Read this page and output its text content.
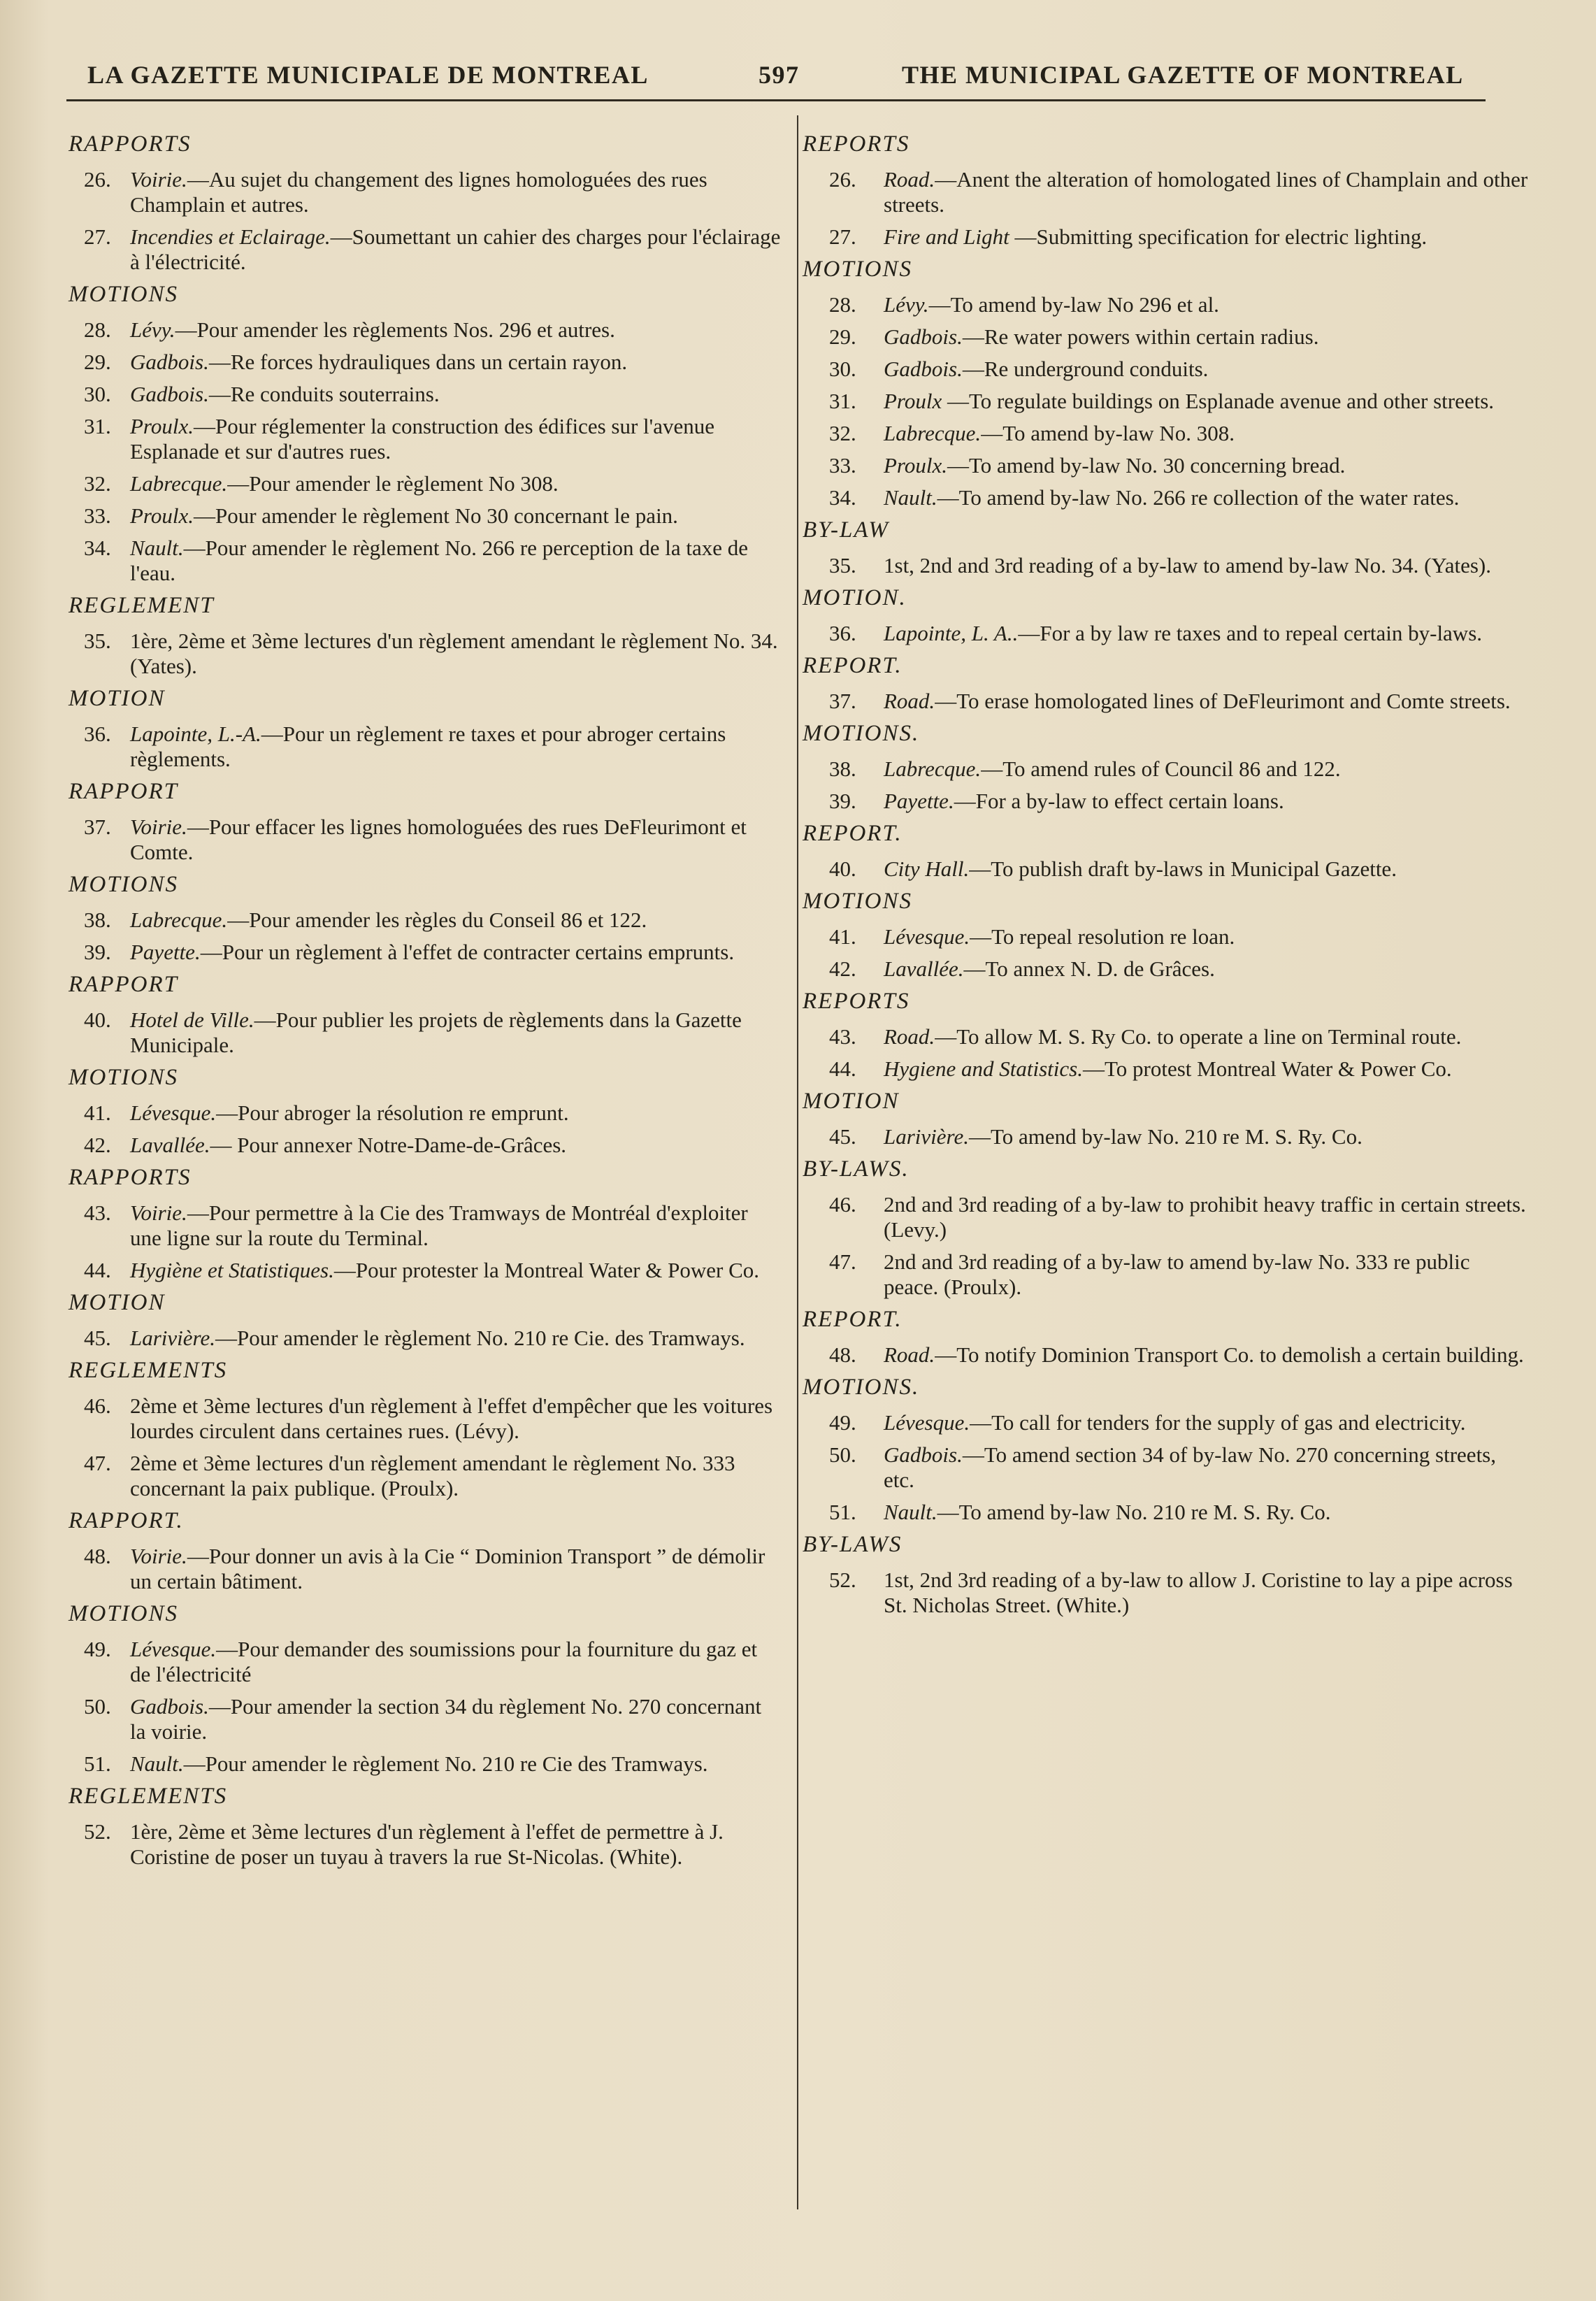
LA GAZETTE MUNICIPALE DE MONTREAL	597	THE MUNICIPAL GAZETTE OF MONTREAL
RAPPORTS
26. Voirie.—Au sujet du changement des lignes homologuées des rues Champlain et autres.
27. Incendies et Eclairage.—Soumettant un cahier des charges pour l'éclairage à l'électricité.
MOTIONS
28. Lévy.—Pour amender les règlements Nos. 296 et autres.
29. Gadbois.—Re forces hydrauliques dans un certain rayon.
30. Gadbois.—Re conduits souterrains.
31. Proulx.—Pour réglementer la construction des édifices sur l'avenue Esplanade et sur d'autres rues.
32. Labrecque.—Pour amender le règlement No 308.
33. Proulx.—Pour amender le règlement No 30 concernant le pain.
34. Nault.—Pour amender le règlement No. 266 re perception de la taxe de l'eau.
REGLEMENT
35. 1ère, 2ème et 3ème lectures d'un règlement amendant le règlement No. 34. (Yates).
MOTION
36. Lapointe, L.-A.—Pour un règlement re taxes et pour abroger certains règlements.
RAPPORT
37. Voirie.—Pour effacer les lignes homologuées des rues DeFleurimont et Comte.
MOTIONS
38. Labrecque.—Pour amender les règles du Conseil 86 et 122.
39. Payette.—Pour un règlement à l'effet de contracter certains emprunts.
RAPPORT
40. Hotel de Ville.—Pour publier les projets de règlements dans la Gazette Municipale.
MOTIONS
41. Lévesque.—Pour abroger la résolution re emprunt.
42. Lavallée.— Pour annexer Notre-Dame-de-Grâces.
RAPPORTS
43. Voirie.—Pour permettre à la Cie des Tramways de Montréal d'exploiter une ligne sur la route du Terminal.
44. Hygiène et Statistiques.—Pour protester la Montreal Water & Power Co.
MOTION
45. Larivière.—Pour amender le règlement No. 210 re Cie. des Tramways.
REGLEMENTS
46. 2ème et 3ème lectures d'un règlement à l'effet d'empêcher que les voitures lourdes circulent dans certaines rues. (Lévy).
47. 2ème et 3ème lectures d'un règlement amendant le règlement No. 333 concernant la paix publique. (Proulx).
RAPPORT.
48. Voirie.—Pour donner un avis à la Cie “ Dominion Transport ” de démolir un certain bâtiment.
MOTIONS
49. Lévesque.—Pour demander des soumissions pour la fourniture du gaz et de l'électricité
50. Gadbois.—Pour amender la section 34 du règlement No. 270 concernant la voirie.
51. Nault.—Pour amender le règlement No. 210 re Cie des Tramways.
REGLEMENTS
52. 1ère, 2ème et 3ème lectures d'un règlement à l'effet de permettre à J. Coristine de poser un tuyau à travers la rue St-Nicolas. (White).
REPORTS
26. Road.—Anent the alteration of homologated lines of Champlain and other streets.
27. Fire and Light —Submitting specification for electric lighting.
MOTIONS
28. Lévy.—To amend by-law No 296 et al.
29. Gadbois.—Re water powers within certain radius.
30. Gadbois.—Re underground conduits.
31. Proulx —To regulate buildings on Esplanade avenue and other streets.
32. Labrecque.—To amend by-law No. 308.
33. Proulx.—To amend by-law No. 30 concerning bread.
34. Nault.—To amend by-law No. 266 re collection of the water rates.
BY-LAW
35. 1st, 2nd and 3rd reading of a by-law to amend by-law No. 34. (Yates).
MOTION.
36. Lapointe, L. A..—For a by law re taxes and to repeal certain by-laws.
REPORT.
37. Road.—To erase homologated lines of DeFleurimont and Comte streets.
MOTIONS.
38. Labrecque.—To amend rules of Council 86 and 122.
39. Payette.—For a by-law to effect certain loans.
REPORT.
40. City Hall.—To publish draft by-laws in Municipal Gazette.
MOTIONS
41. Lévesque.—To repeal resolution re loan.
42. Lavallée.—To annex N. D. de Grâces.
REPORTS
43. Road.—To allow M. S. Ry Co. to operate a line on Terminal route.
44. Hygiene and Statistics.—To protest Montreal Water & Power Co.
MOTION
45. Larivière.—To amend by-law No. 210 re M. S. Ry. Co.
BY-LAWS.
46. 2nd and 3rd reading of a by-law to prohibit heavy traffic in certain streets. (Levy.)
47. 2nd and 3rd reading of a by-law to amend by-law No. 333 re public peace. (Proulx).
REPORT.
48. Road.—To notify Dominion Transport Co. to demolish a certain building.
MOTIONS.
49. Lévesque.—To call for tenders for the supply of gas and electricity.
50. Gadbois.—To amend section 34 of by-law No. 270 concerning streets, etc.
51. Nault.—To amend by-law No. 210 re M. S. Ry. Co.
BY-LAWS
52. 1st, 2nd 3rd reading of a by-law to allow J. Coristine to lay a pipe across St. Nicholas Street. (White.)
